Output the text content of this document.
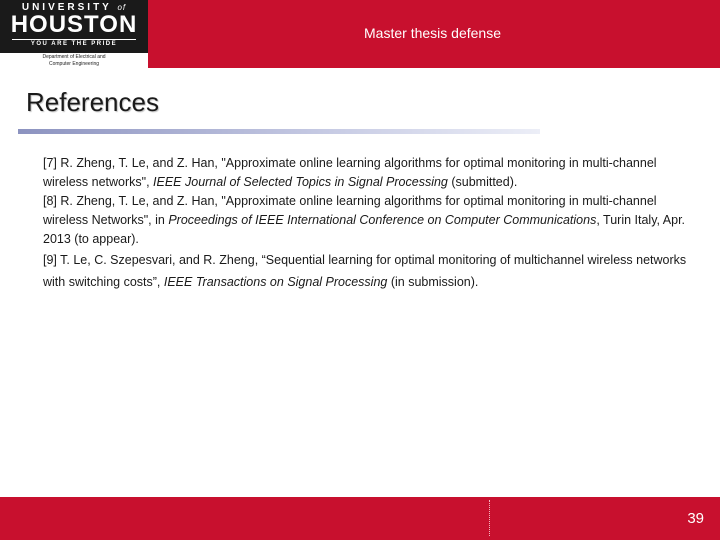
UNIVERSITY of
HOUSTON
YOU ARE THE PRIDE
Department of Electrical and
Computer Engineering
Master thesis defense
References

[7] R. Zheng, T. Le, and Z. Han, "Approximate online learning algorithms for optimal monitoring in multi-channel wireless networks", IEEE Journal of Selected Topics in Signal Processing (submitted).

[8] R. Zheng, T. Le, and Z. Han, "Approximate online learning algorithms for optimal monitoring in multi-channel wireless Networks", in Proceedings of IEEE International Conference on Computer Communications, Turin Italy, Apr. 2013 (to appear).

[9] T. Le, C. Szepesvari, and R. Zheng, “Sequential learning for optimal monitoring of multichannel wireless networks with switching costs”, IEEE Transactions on Signal Processing (in submission).

39
